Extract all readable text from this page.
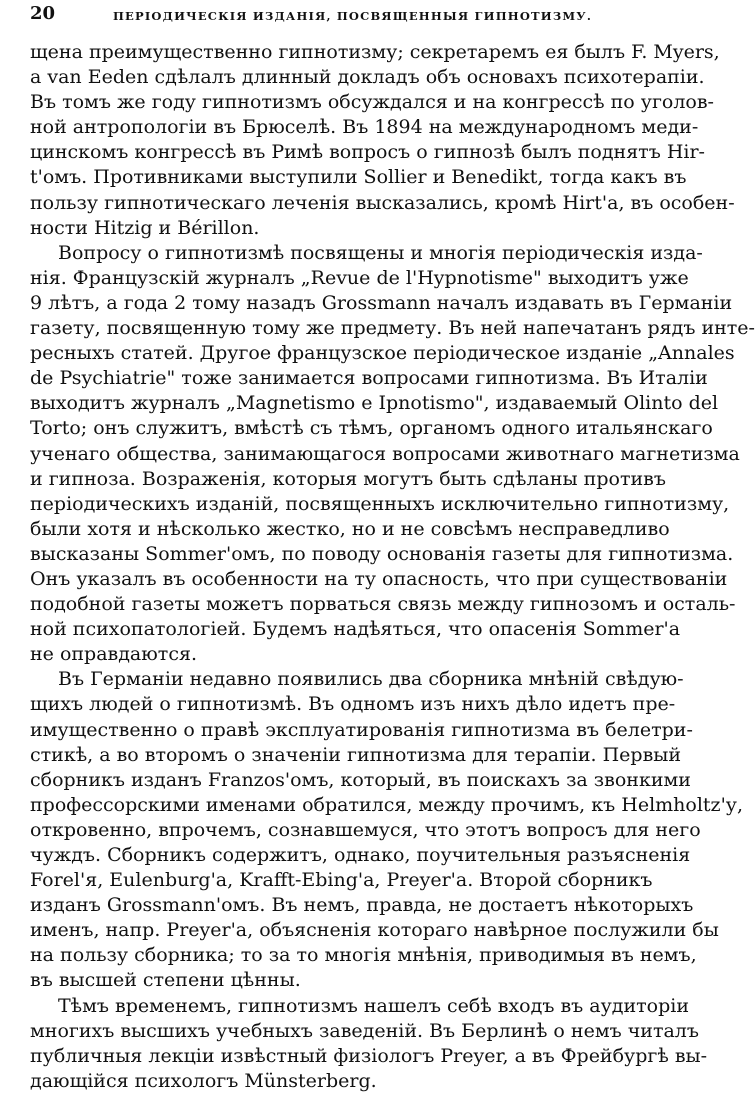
20	ПЕРІОДИЧЕСКІЯ ИЗДАНІЯ, ПОСВЯЩЕННЫЯ ГИПНОТИЗМУ.
щена преимущественно гипнотизму; секретаремъ ея былъ F. Myers,
а van Eeden сдѣлалъ длинный докладъ объ основахъ психотерапіи.
Въ томъ же году гипнотизмъ обсуждался и на конгрессѣ по уголов-
ной антропологіи въ Брюселѣ. Въ 1894 на международномъ меди-
цинскомъ конгрессѣ въ Римѣ вопросъ о гипнозѣ былъ поднятъ Hir-
t'омъ. Противниками выступили Sollier и Benedikt, тогда какъ въ
пользу гипнотическаго леченія высказались, кромѣ Hirt'a, въ особен-
ности Hitzig и Bérillon.
Вопросу о гипнотизмѣ посвящены и многія періодическія изда-
нія. Французскій журналъ „Revue de l'Hypnotisme" выходитъ уже
9 лѣтъ, а года 2 тому назадъ Grossmann началъ издавать въ Германіи
газету, посвященную тому же предмету. Въ ней напечатанъ рядъ инте-
ресныхъ статей. Другое французское періодическое изданіе „Annales
de Psychiatrie" тоже занимается вопросами гипнотизма. Въ Италіи
выходитъ журналъ „Magnetismo e Ipnotismo", издаваемый Olinto del
Torto; онъ служитъ, вмѣстѣ съ тѣмъ, органомъ одного итальянскаго
ученаго общества, занимающагося вопросами животнаго магнетизма
и гипноза. Возраженія, которыя могутъ быть сдѣланы противъ
періодическихъ изданій, посвященныхъ исключительно гипнотизму,
были хотя и нѣсколько жестко, но и не совсѣмъ несправедливо
высказаны Sommer'омъ, по поводу основанія газеты для гипнотизма.
Онъ указалъ въ особенности на ту опасность, что при существованіи
подобной газеты можетъ порваться связь между гипнозомъ и осталь-
ной психопатологіей. Будемъ надѣяться, что опасенія Sommer'a
не оправдаются.
Въ Германіи недавно появились два сборника мнѣній свѣдую-
щихъ людей о гипнотизмѣ. Въ одномъ изъ нихъ дѣло идетъ пре-
имущественно о правѣ эксплуатированія гипнотизма въ белетри-
стикѣ, а во второмъ о значеніи гипнотизма для терапіи. Первый
сборникъ изданъ Franzos'омъ, который, въ поискахъ за звонкими
профессорскими именами обратился, между прочимъ, къ Helmholtz'у,
откровенно, впрочемъ, сознавшемуся, что этотъ вопросъ для него
чуждъ. Сборникъ содержитъ, однако, поучительныя разъясненія
Forel'я, Eulenburg'a, Krafft-Ebing'a, Preyer'a. Второй сборникъ
изданъ Grossmann'омъ. Въ немъ, правда, не достаетъ нѣкоторыхъ
именъ, напр. Preyer'a, объясненія котораго навѣрное послужили бы
на пользу сборника; то за то многія мнѣнія, приводимыя въ немъ,
въ высшей степени цѣнны.
Тѣмъ временемъ, гипнотизмъ нашелъ себѣ входъ въ аудиторіи
многихъ высшихъ учебныхъ заведеній. Въ Берлинѣ о немъ читалъ
публичныя лекціи извѣстный физіологъ Preyer, а въ Фрейбургѣ вы-
дающійся психологъ Münsterberg.
